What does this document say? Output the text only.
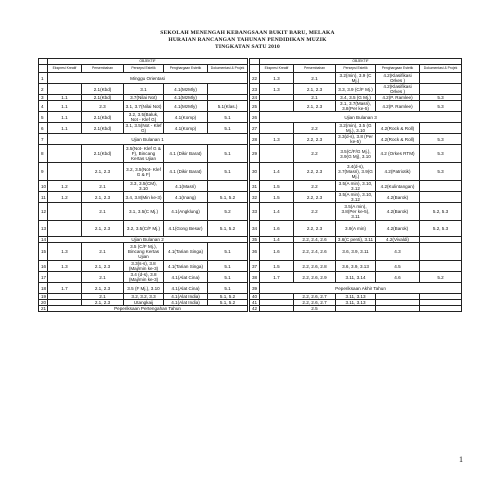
SEKOLAH MENENGAH KEBANGSAAN BUKIT BARU, MELAKA
HURAIAN RANCANGAN TAHUNAN PENDIDIKAN MUZIK
TINGKATAN SATU 2010
	OBJEKTIF				
	Ekspresi Kreatif	Persembahan	Persepsi Estetik	Penghargaan Estetik	Dokumentasi & Projek
1	Minggu Orientasi				
2		2.1(Kbd)	3.1	4.1(MzMly)	
3	1.1	2.1(Kbd)	3.7(Nilai Not)	4.1(MzMly)	
4	1.1	2.3	3.1, 3.7(Nilai Not)	4.1(MzMly)	5.1(Klas.)
5	1.1	2.1(Kbd)	3.2, 3.5(Baluk, Not - Klef G)	4.1(Komp)	5.1
6	1.1	2.1(Kbd)	3.1, 3.5(Not - Klef G)	4.1(Komp)	5.1
7	Ujian Bulanan 1				
8		2.1(Kbd)	3.5(Not- Klef G & F), Bincang Kertas Ujian	4.1 (Dikir Barat)	5.1
9		2.1, 2.3	3.2, 3.5(Not- Klef G & F)	4.1 (Dikir Barat)	5.1
10	1.2	2.1	3.3, 3.5(CM), 3.10	4.1(Masri)	
11	1.2	2.1, 2.3	3.4, 3.8(Min ke-3)	4.1(Inang)	5.1, 5.2
12		2.1	3.1, 3.5(C Mj.)	4.1(Angklung)	5.2
13		2.1, 2.3	3.2, 3.5(C/F Mj.)	4.1(Gong Besar)	5.1, 5.2
14	Ujian Bulanan 2				
15	1.3	2.1	3.5 (C/F Mj.), Bincang Kertas Ujian	4.1(Tarian Singa)	5.1
16	1.3	2.1, 2.3	3.3(s-s), 3.8 (Maj/min ke-3)	4.1(Tarian Singa)	5.1
17		2.1	3.4 (d-s), 3.8 (Maj/min ke-3)	4.1(Alat Cina)	5.1
18	1.7	2.1, 2.3	3.5 (F Mj.), 3.10	4.1(Alat Cina)	5.1
19		2.1	3.2, 3.2, 3.3	4.1(Alat India)	5.1, 5.2
20		2.1, 2.3	Utangkaij	4.1(Alat India)	5.1, 5.2
21	Peperiksaan Pertengahan Tahun				
	OBJEKTIF				
	Ekspresi Kreatif	Persembahan	Persepsi Estetik	Penghargaan Estetik	Dokumentasi & Projek
22	1.3	2.1	3.2(min), 3.9 (C Mj.)	4.2(Klasifikasi Orkes )	
23	1.3	2.1, 2.3	3.3, 3.9 (C/F Mj.)	4.2(Klasifikasi Orkes )	
24		2.1	3.4, 3.5 (G Mj.)	4.2(P. Ramlee)	5.3
25		2.1, 2.3	3.1, 3.7(Masri), 3.8(Per ke-5)	4.2(P. Ramlee)	5.3
26	Ujian Bulanan 3				
27		2.2	3.2(min), 3.5 (G Mj.), 3.10	4.2(Rock & Roll)	
28	1.3	2.2, 2.3	3.3(d-s), 3.8 (Per ke-5)	4.2(Rock & Roll)	5.3
29		2.2	3.5(C/F/G Mj.), 3.9(G Mj), 3.10	4.2 (Orkes RTM)	5.3
30	1.4	2.2, 2.3	3.4(d-s), 3.7(Masri), 3.9(G Mj.)	4.2(Patriotik)	5.3
31	1.5	2.2	3.5(A min), 3.10, 3.12	4.2(Kulintangan)	
32	1.5	2.2, 2.3	3.5(A min), 3.10, 3.12	4.2(Barok)	
33	1.4	2.2	3.5(A min), 3.8(Per ke-5), 3.11	4.2(Barok)	5.2, 5.3
34	1.6	2.2, 2.3	3.9(A min)	4.2(Barok)	5.2, 5.3
35	1.4	2.2, 2.4, 2.6	3.6(C penti), 3.11	4.2(Vivaldi)	
36	1.6	2.2, 2.4, 2.6	3.6, 3.9, 3.11	4.3	
37	1.5	2.2, 2.6, 2.8	3.6, 3.9, 3.13	4.5	
38	1.7	2.2, 2.6, 2.9	3.11, 3.14	4.6	5.2
39	Peperiksaan Akhir Tahun				
40		2.2, 2.6, 2.7	3.11, 3.13		
41		2.2, 2.6, 2.7	3.11, 3.13		
42		2.5			
1
